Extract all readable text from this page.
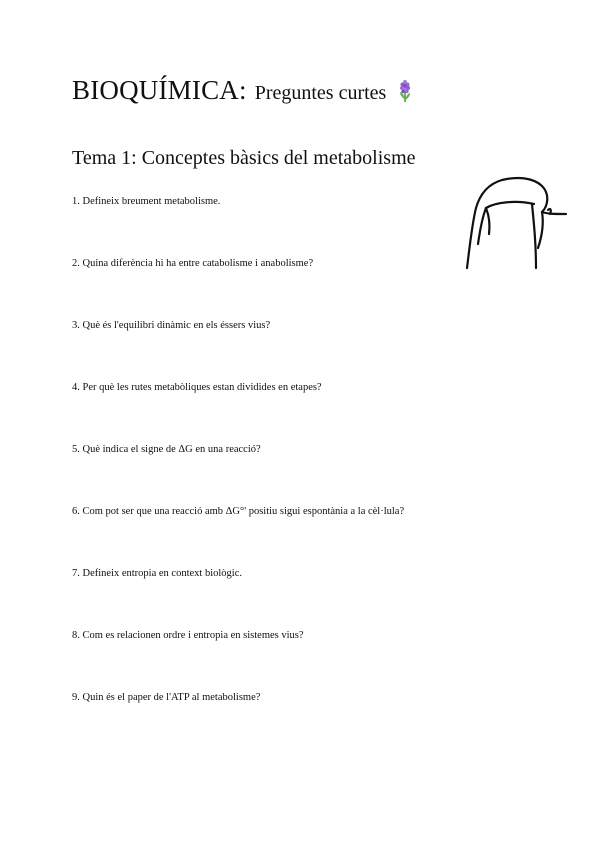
BIOQUÍMICA: Preguntes curtes
Tema 1: Conceptes bàsics del metabolisme

1. Defineix breument metabolisme.

2. Quina diferència hi ha entre catabolisme i anabolisme?

3. Què és l'equilibri dinàmic en els éssers vius?

4. Per què les rutes metabòliques estan dividides en etapes?

5. Què indica el signe de ΔG en una reacció?

6. Com pot ser que una reacció amb ΔG°' positiu sigui espontània a la cèl·lula?

7. Defineix entropia en context biològic.

8. Com es relacionen ordre i entropia en sistemes vius?

9. Quin és el paper de l'ATP al metabolisme?
